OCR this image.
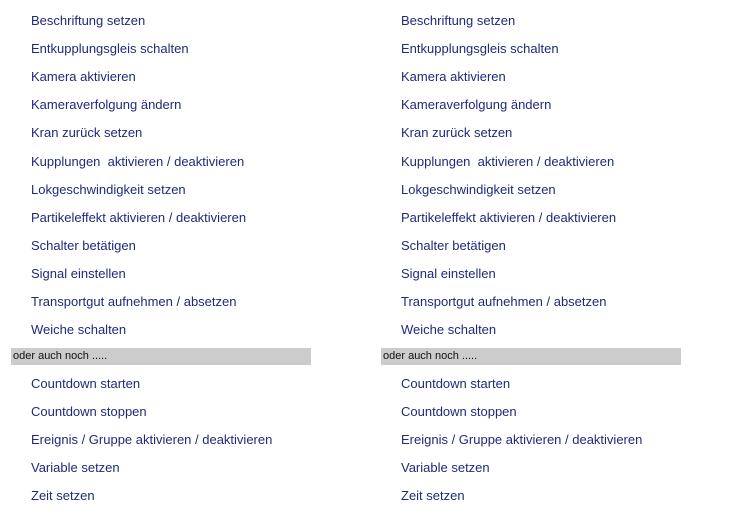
Beschriftung setzen
Entkupplungsgleis schalten
Kamera aktivieren
Kameraverfolgung ändern
Kran zurück setzen
Kupplungen  aktivieren / deaktivieren
Lokgeschwindigkeit setzen
Partikeleffekt aktivieren / deaktivieren
Schalter betätigen
Signal einstellen
Transportgut aufnehmen / absetzen
Weiche schalten
oder auch noch .....
Countdown starten
Countdown stoppen
Ereignis / Gruppe aktivieren / deaktivieren
Variable setzen
Zeit setzen
Beschriftung setzen
Entkupplungsgleis schalten
Kamera aktivieren
Kameraverfolgung ändern
Kran zurück setzen
Kupplungen  aktivieren / deaktivieren
Lokgeschwindigkeit setzen
Partikeleffekt aktivieren / deaktivieren
Schalter betätigen
Signal einstellen
Transportgut aufnehmen / absetzen
Weiche schalten
oder auch noch .....
Countdown starten
Countdown stoppen
Ereignis / Gruppe aktivieren / deaktivieren
Variable setzen
Zeit setzen
